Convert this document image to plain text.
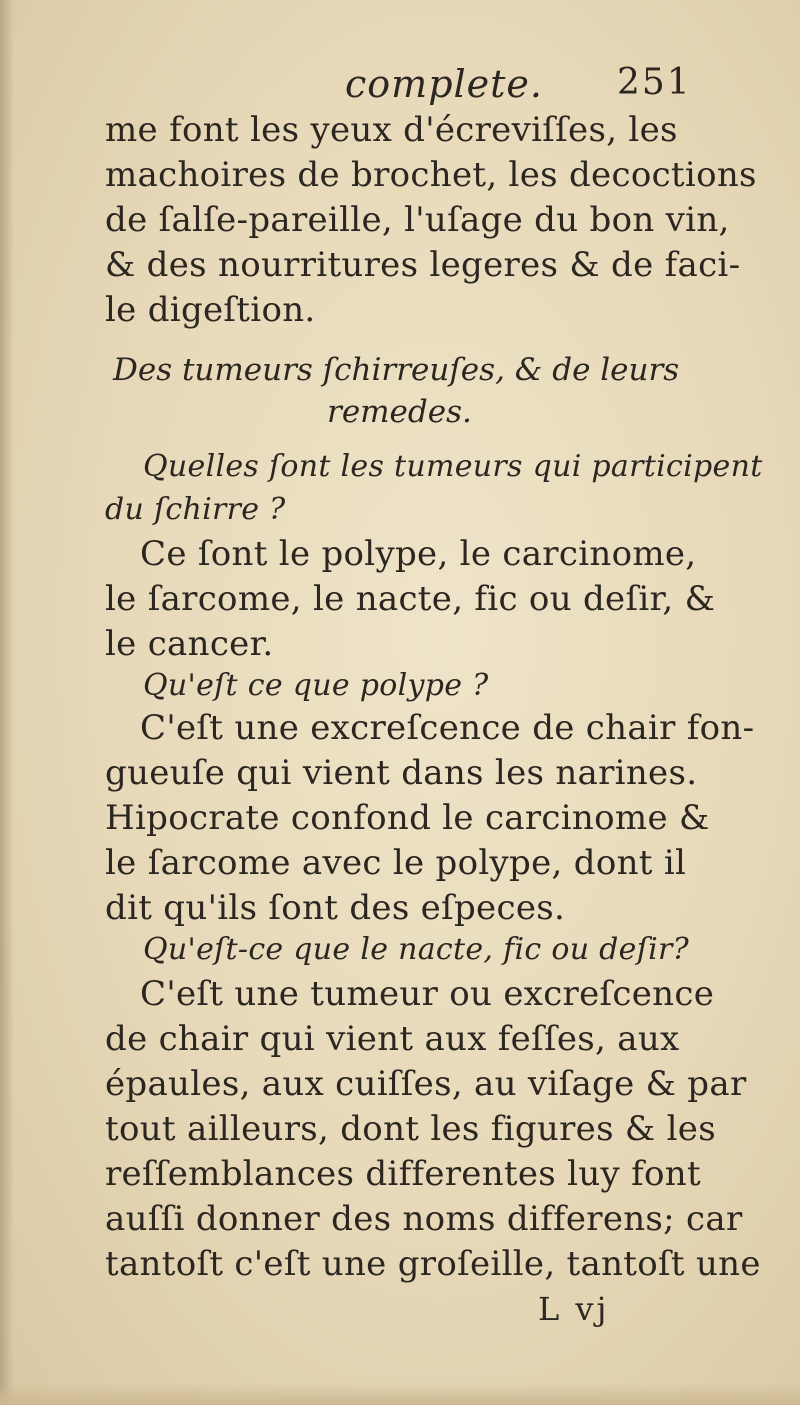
complete. 251
me font les yeux d'écreviſſes, les
machoires de brochet, les decoctions
de ſalſe-pareille, l'uſage du bon vin,
& des nourritures legeres & de faci-
le digeſtion.
Des tumeurs ſchirreuſes, & de leurs
remedes.
Quelles ſont les tumeurs qui participent
du ſchirre ?
Ce ſont le polype, le carcinome,
le ſarcome, le nacte, fic ou deſir, &
le cancer.
Qu'eſt ce que polype ?
C'eſt une excreſcence de chair fon-
gueuſe qui vient dans les narines.
Hipocrate confond le carcinome &
le ſarcome avec le polype, dont il
dit qu'ils ſont des eſpeces.
Qu'eſt-ce que le nacte, fic ou deſir?
C'eſt une tumeur ou excreſcence
de chair qui vient aux feſſes, aux
épaules, aux cuiſſes, au viſage & par
tout ailleurs, dont les figures & les
reſſemblances differentes luy font
auſſi donner des noms differens; car
tantoſt c'eſt une groſeille, tantoſt une
L vj
